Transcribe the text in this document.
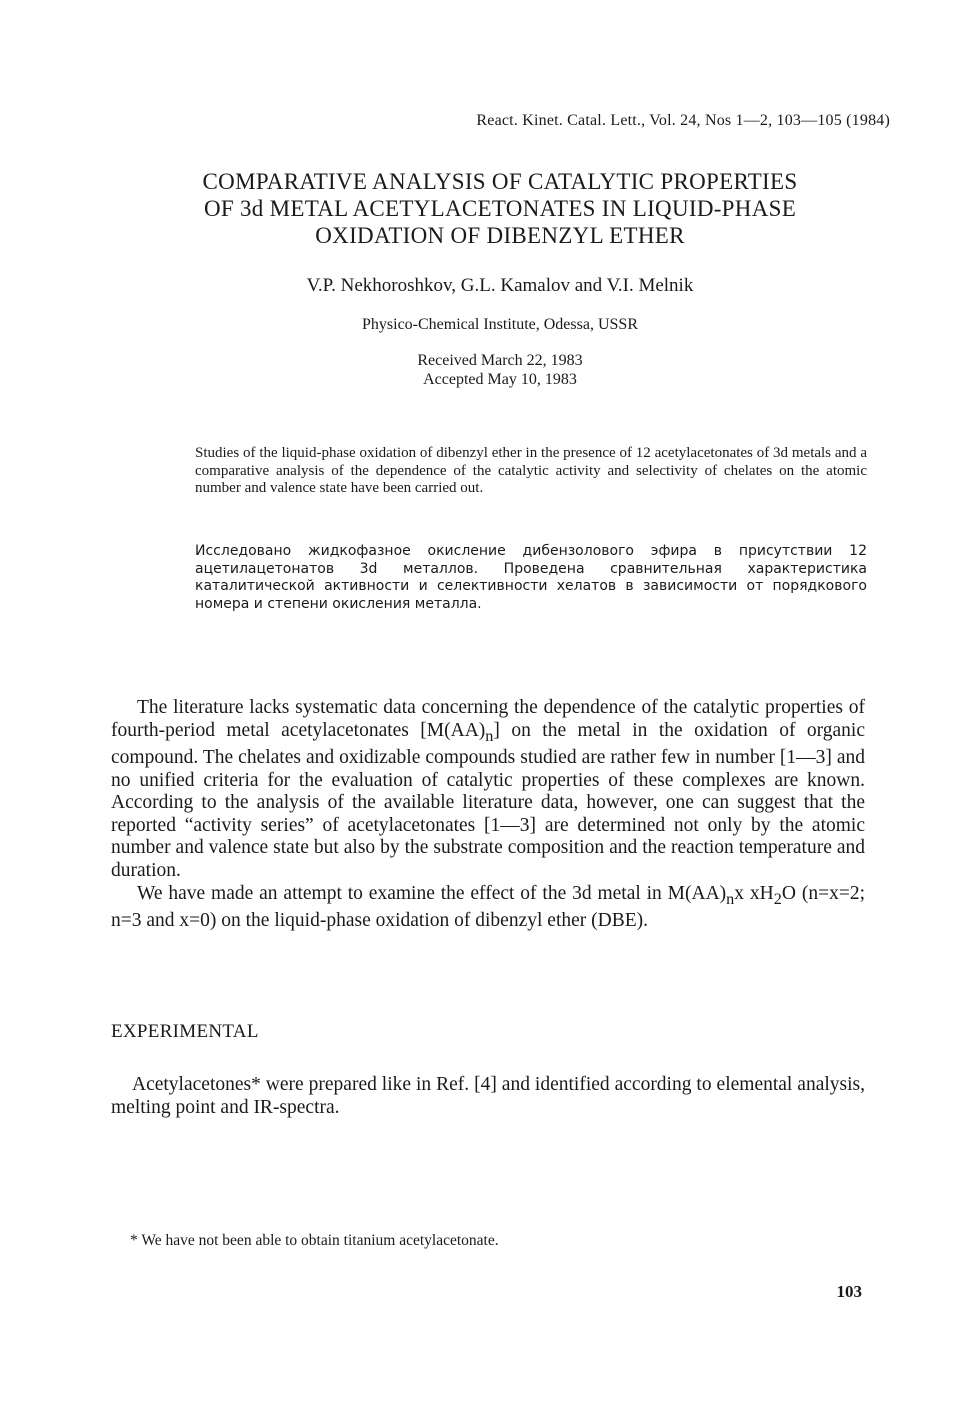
React. Kinet. Catal. Lett., Vol. 24, Nos 1—2, 103—105 (1984)
COMPARATIVE ANALYSIS OF CATALYTIC PROPERTIES
OF 3d METAL ACETYLACETONATES IN LIQUID-PHASE
OXIDATION OF DIBENZYL ETHER
V.P. Nekhoroshkov, G.L. Kamalov and V.I. Melnik
Physico-Chemical Institute, Odessa, USSR
Received March 22, 1983
Accepted May 10, 1983
Studies of the liquid-phase oxidation of dibenzyl ether in the presence of 12 acetylacetonates of 3d metals and a comparative analysis of the dependence of the catalytic activity and selectivity of chelates on the atomic number and valence state have been carried out.
Исследовано жидкофазное окисление дибензолового эфира в присутствии 12 ацетилацетонатов 3d металлов. Проведена сравнительная характеристика каталитической активности и селективности хелатов в зависимости от порядкового номера и степени окисления металла.

The literature lacks systematic data concerning the dependence of the catalytic properties of fourth-period metal acetylacetonates $[M(AA)_n]$ on the metal in the oxidation of organic compound. The chelates and oxidizable compounds studied are rather few in number [1—3] and no unified criteria for the evaluation of catalytic properties of these complexes are known. According to the analysis of the available literature data, however, one can suggest that the reported “activity series” of acetylacetonates [1—3] are determined not only by the atomic number and valence state but also by the substrate composition and the reaction temperature and duration.

We have made an attempt to examine the effect of the 3d metal in $M(AA)_nx$ $xH_2O$ (n=x=2; n=3 and x=0) on the liquid-phase oxidation of dibenzyl ether (DBE).

EXPERIMENTAL

Acetylacetones* were prepared like in Ref. [4] and identified according to elemental analysis, melting point and IR-spectra.

* We have not been able to obtain titanium acetylacetonate.
103
